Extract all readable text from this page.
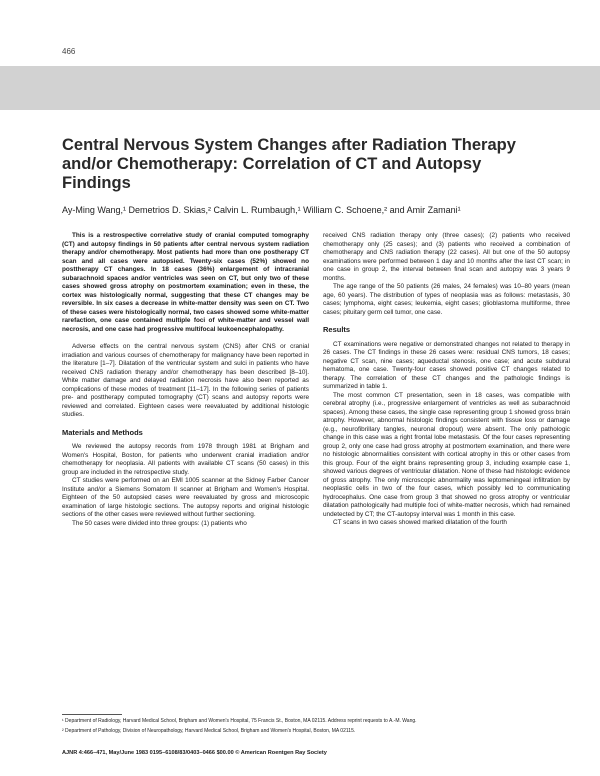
466
Central Nervous System Changes after Radiation Therapy and/or Chemotherapy: Correlation of CT and Autopsy Findings
Ay-Ming Wang,¹ Demetrios D. Skias,² Calvin L. Rumbaugh,¹ William C. Schoene,² and Amir Zamani¹

This is a restrospective correlative study of cranial computed tomography (CT) and autopsy findings in 50 patients after central nervous system radiation therapy and/or chemotherapy. Most patients had more than one postherapy CT scan and all cases were autopsied. Twenty-six cases (52%) showed no posttherapy CT changes. In 18 cases (36%) enlargement of intracranial subarachnoid spaces and/or ventricles was seen on CT, but only two of these cases showed gross atrophy on postmortem examination; even in these, the cortex was histologically normal, suggesting that these CT changes may be reversible. In six cases a decrease in white-matter density was seen on CT. Two of these cases were histologically normal, two cases showed some white-matter rarefaction, one case contained multiple foci of white-matter and vessel wall necrosis, and one case had progressive multifocal leukoencephalopathy.

Adverse effects on the central nervous system (CNS) after CNS or cranial irradiation and various courses of chemotherapy for malignancy have been reported in the literature [1–7]. Dilatation of the ventricular system and sulci in patients who have received CNS radiation therapy and/or chemotherapy has been described [8–10]. White matter damage and delayed radiation necrosis have also been reported as complications of these modes of treatment [11–17]. In the following series of patients pre- and posttherapy computed tomography (CT) scans and autopsy reports were reviewed and correlated. Eighteen cases were reevaluated by additional histologic studies.

Materials and Methods

We reviewed the autopsy records from 1978 through 1981 at Brigham and Women's Hospital, Boston, for patients who underwent cranial irradiation and/or chemotherapy for neoplasia. All patients with available CT scans (50 cases) in this group are included in the retrospective study.

CT studies were performed on an EMI 1005 scanner at the Sidney Farber Cancer Institute and/or a Siemens Somatom II scanner at Brigham and Women's Hospital. Eighteen of the 50 autopsied cases were reevaluated by gross and microscopic examination of large histologic sections. The autopsy reports and original histologic sections of the other cases were reviewed without further sectioning.

The 50 cases were divided into three groups: (1) patients who

received CNS radiation therapy only (three cases); (2) patients who received chemotherapy only (25 cases); and (3) patients who received a combination of chemotherapy and CNS radiation therapy (22 cases). All but one of the 50 autopsy examinations were performed between 1 day and 10 months after the last CT scan; in one case in group 2, the interval between final scan and autopsy was 3 years 9 months.

The age range of the 50 patients (26 males, 24 females) was 10–80 years (mean age, 60 years). The distribution of types of neoplasia was as follows: metastasis, 30 cases; lymphoma, eight cases; leukemia, eight cases; glioblastoma multiforme, three cases; pituitary germ cell tumor, one case.

Results

CT examinations were negative or demonstrated changes not related to therapy in 26 cases. The CT findings in these 26 cases were: residual CNS tumors, 18 cases; negative CT scan, nine cases; aqueductal stenosis, one case; and acute subdural hematoma, one case. Twenty-four cases showed positive CT changes related to therapy. The correlation of these CT changes and the pathologic findings is summarized in table 1.

The most common CT presentation, seen in 18 cases, was compatible with cerebral atrophy (i.e., progressive enlargement of ventricles as well as subarachnoid spaces). Among these cases, the single case representing group 1 showed gross brain atrophy. However, abnormal histologic findings consistent with tissue loss or damage (e.g., neurofibrillary tangles, neuronal dropout) were absent. The only pathologic change in this case was a right frontal lobe metastasis. Of the four cases representing group 2, only one case had gross atrophy at postmortem examination, and there were no histologic abnormalities consistent with cortical atrophy in this or other cases from this group. Four of the eight brains representing group 3, including example case 1, showed various degrees of ventricular dilatation. None of these had histologic evidence of gross atrophy. The only microscopic abnormality was leptomeningeal infiltration by neoplastic cells in two of the four cases, which possibly led to communicating hydrocephalus. One case from group 3 that showed no gross atrophy or ventricular dilatation pathologically had multiple foci of white-matter necrosis, which had remained undetected by CT; the CT-autopsy interval was 1 month in this case.

CT scans in two cases showed marked dilatation of the fourth

¹ Department of Radiology, Harvard Medical School, Brigham and Women's Hospital, 75 Francis St., Boston, MA 02115. Address reprint requests to A.-M. Wang.

² Department of Pathology, Division of Neuropathology, Harvard Medical School, Brigham and Women's Hospital, Boston, MA 02115.

AJNR 4:466–471, May/June 1983 0195–6108/83/0403–0466 $00.00 © American Roentgen Ray Society
